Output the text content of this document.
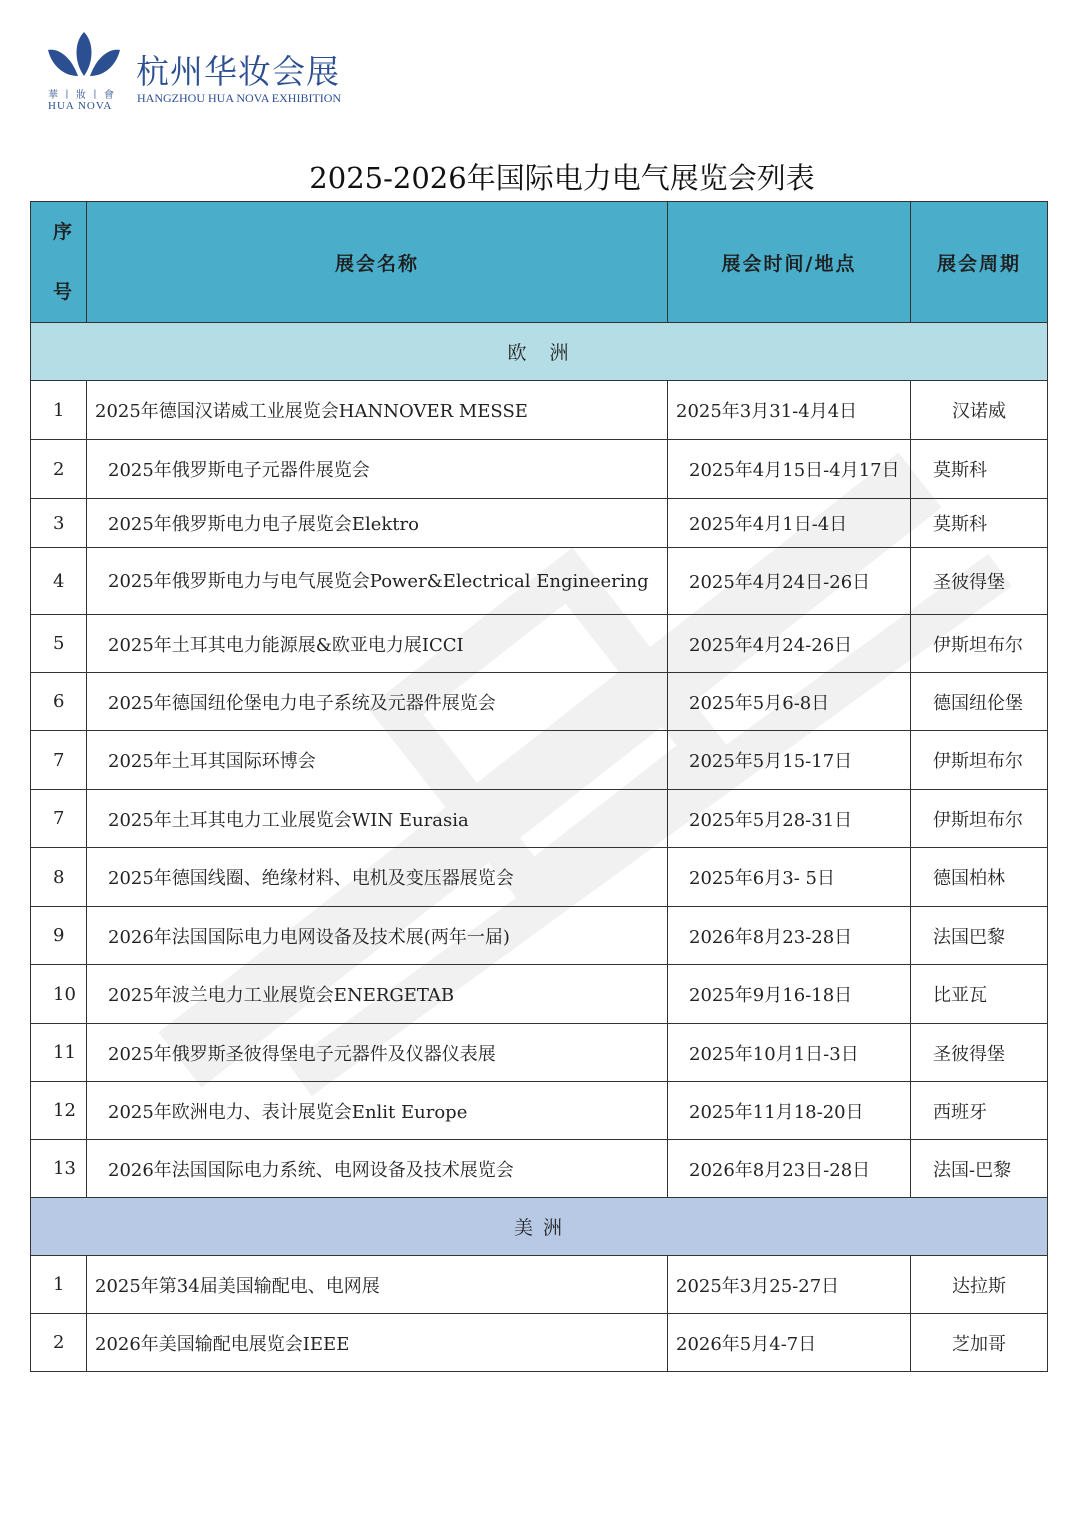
杭州华妆会展
HANGZHOU HUA NOVA EXHIBITION
華丨妝丨會
HUA NOVA
2025-2026年国际电力电气展览会列表
序号	展会名称	展会时间/地点	展会周期
欧　洲			
1	2025年德国汉诺威工业展览会HANNOVER MESSE	2025年3月31-4月4日	汉诺威
2	2025年俄罗斯电子元器件展览会	2025年4月15日-4月17日	莫斯科
3	2025年俄罗斯电力电子展览会Elektro	2025年4月1日-4日	莫斯科
4	2025年俄罗斯电力与电气展览会Power&Electrical Engineering	2025年4月24日-26日	圣彼得堡
5	2025年土耳其电力能源展&欧亚电力展ICCI	2025年4月24-26日	伊斯坦布尔
6	2025年德国纽伦堡电力电子系统及元器件展览会	2025年5月6-8日	德国纽伦堡
7	2025年土耳其国际环博会	2025年5月15-17日	伊斯坦布尔
7	2025年土耳其电力工业展览会WIN Eurasia	2025年5月28-31日	伊斯坦布尔
8	2025年德国线圈、绝缘材料、电机及变压器展览会	2025年6月3- 5日	德国柏林
9	2026年法国国际电力电网设备及技术展(两年一届)	2026年8月23-28日	法国巴黎
10	2025年波兰电力工业展览会ENERGETAB	2025年9月16-18日	比亚瓦
11	2025年俄罗斯圣彼得堡电子元器件及仪器仪表展	2025年10月1日-3日	圣彼得堡
12	2025年欧洲电力、表计展览会Enlit Europe	2025年11月18-20日	西班牙
13	2026年法国国际电力系统、电网设备及技术展览会	2026年8月23日-28日	法国-巴黎
美 洲			
1	2025年第34届美国输配电、电网展	2025年3月25-27日	达拉斯
2	2026年美国输配电展览会IEEE	2026年5月4-7日	芝加哥
